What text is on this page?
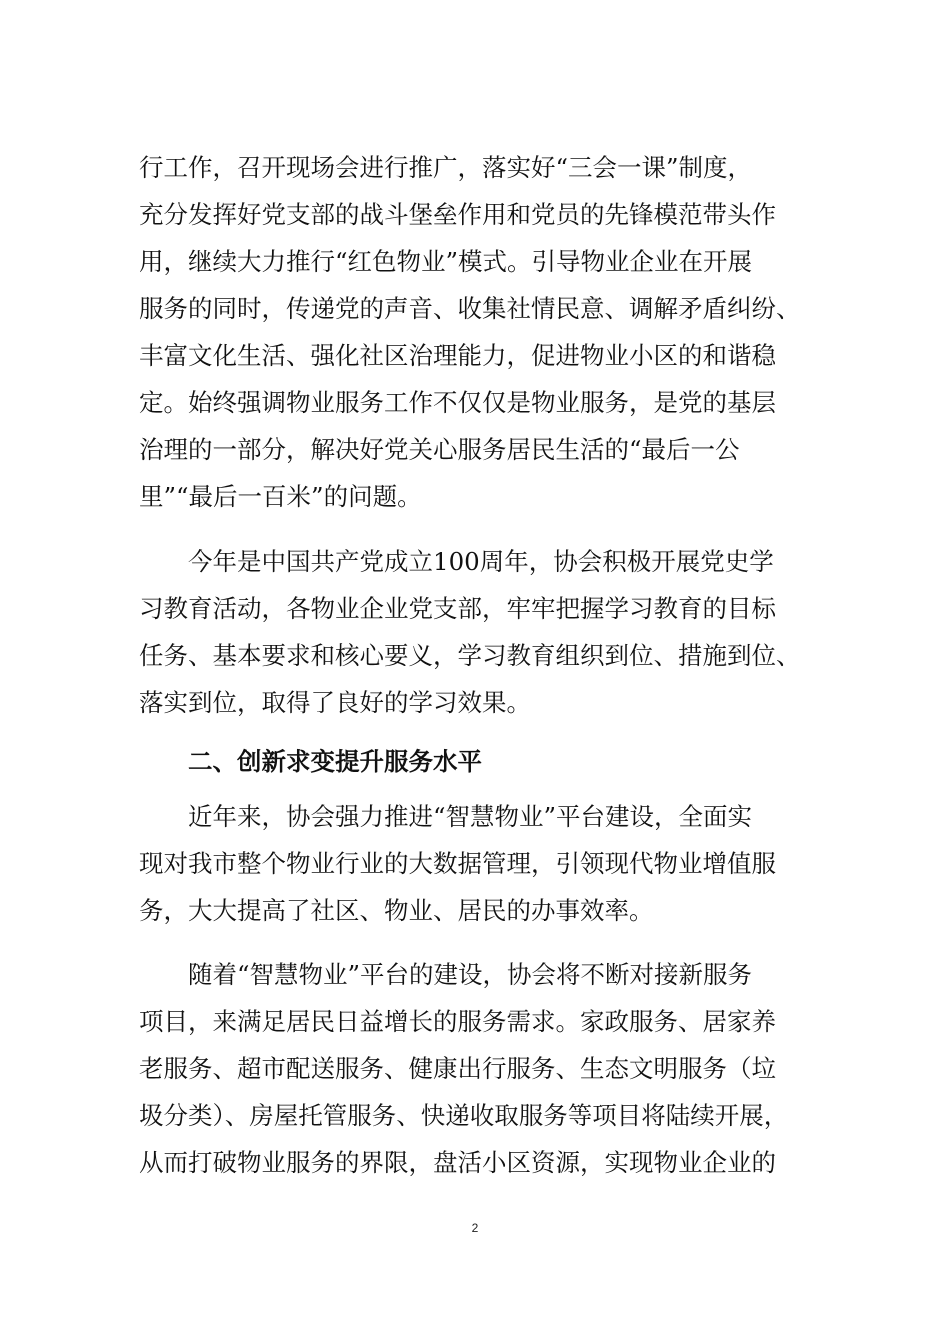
行工作，召开现场会进行推广，落实好“三会一课”制度，

充分发挥好党支部的战斗堡垒作用和党员的先锋模范带头作

用，继续大力推行“红色物业”模式。引导物业企业在开展

服务的同时，传递党的声音、收集社情民意、调解矛盾纠纷、

丰富文化生活、强化社区治理能力，促进物业小区的和谐稳

定。始终强调物业服务工作不仅仅是物业服务，是党的基层

治理的一部分，解决好党关心服务居民生活的“最后一公

里”“最后一百米”的问题。

　　今年是中国共产党成立100周年，协会积极开展党史学

习教育活动，各物业企业党支部，牢牢把握学习教育的目标

任务、基本要求和核心要义，学习教育组织到位、措施到位、

落实到位，取得了良好的学习效果。

　　二、创新求变提升服务水平

　　近年来，协会强力推进“智慧物业”平台建设，全面实

现对我市整个物业行业的大数据管理，引领现代物业增值服

务，大大提高了社区、物业、居民的办事效率。

　　随着“智慧物业”平台的建设，协会将不断对接新服务

项目，来满足居民日益增长的服务需求。家政服务、居家养

老服务、超市配送服务、健康出行服务、生态文明服务（垃

圾分类）、房屋托管服务、快递收取服务等项目将陆续开展，

从而打破物业服务的界限，盘活小区资源，实现物业企业的

2
